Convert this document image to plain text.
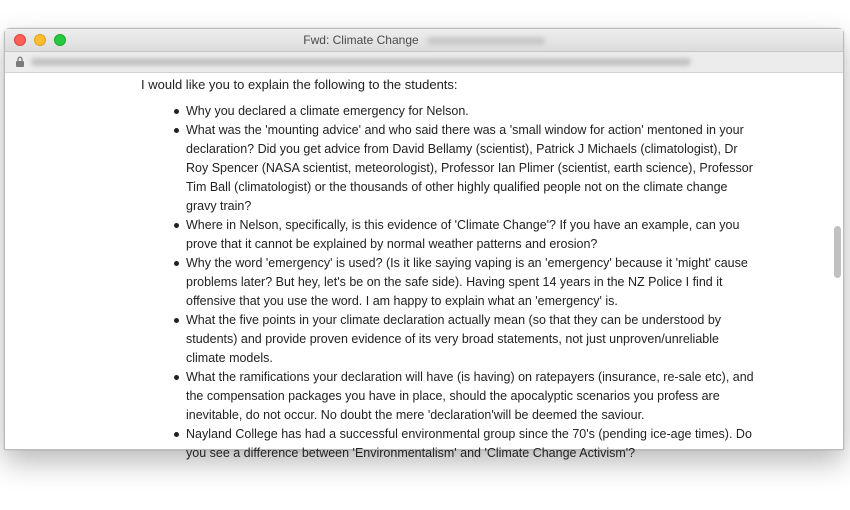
Fwd: Climate Change

I would like you to explain the following to the students:

Why you declared a climate emergency for Nelson.
What was the 'mounting advice' and who said there was a 'small window for action' mentoned in your declaration? Did you get advice from David Bellamy (scientist), Patrick J Michaels (climatologist), Dr Roy Spencer (NASA scientist, meteorologist), Professor Ian Plimer (scientist, earth science), Professor Tim Ball (climatologist) or the thousands of other highly qualified people not on the climate change gravy train?
Where in Nelson, specifically, is this evidence of 'Climate Change'? If you have an example, can you prove that it cannot be explained by normal weather patterns and erosion?
Why the word 'emergency' is used? (Is it like saying vaping is an 'emergency' because it 'might' cause problems later? But hey, let's be on the safe side). Having spent 14 years in the NZ Police I find it offensive that you use the word. I am happy to explain what an 'emergency' is.
What the five points in your climate declaration actually mean (so that they can be understood by students) and provide proven evidence of its very broad statements, not just unproven/unreliable climate models.
What the ramifications your declaration will have (is having) on ratepayers (insurance, re-sale etc), and the compensation packages you have in place, should the apocalyptic scenarios you profess are inevitable, do not occur. No doubt the mere 'declaration'will be deemed the saviour.
Nayland College has had a successful environmental group since the 70's (pending ice-age times). Do you see a difference between 'Environmentalism' and 'Climate Change Activism'?
